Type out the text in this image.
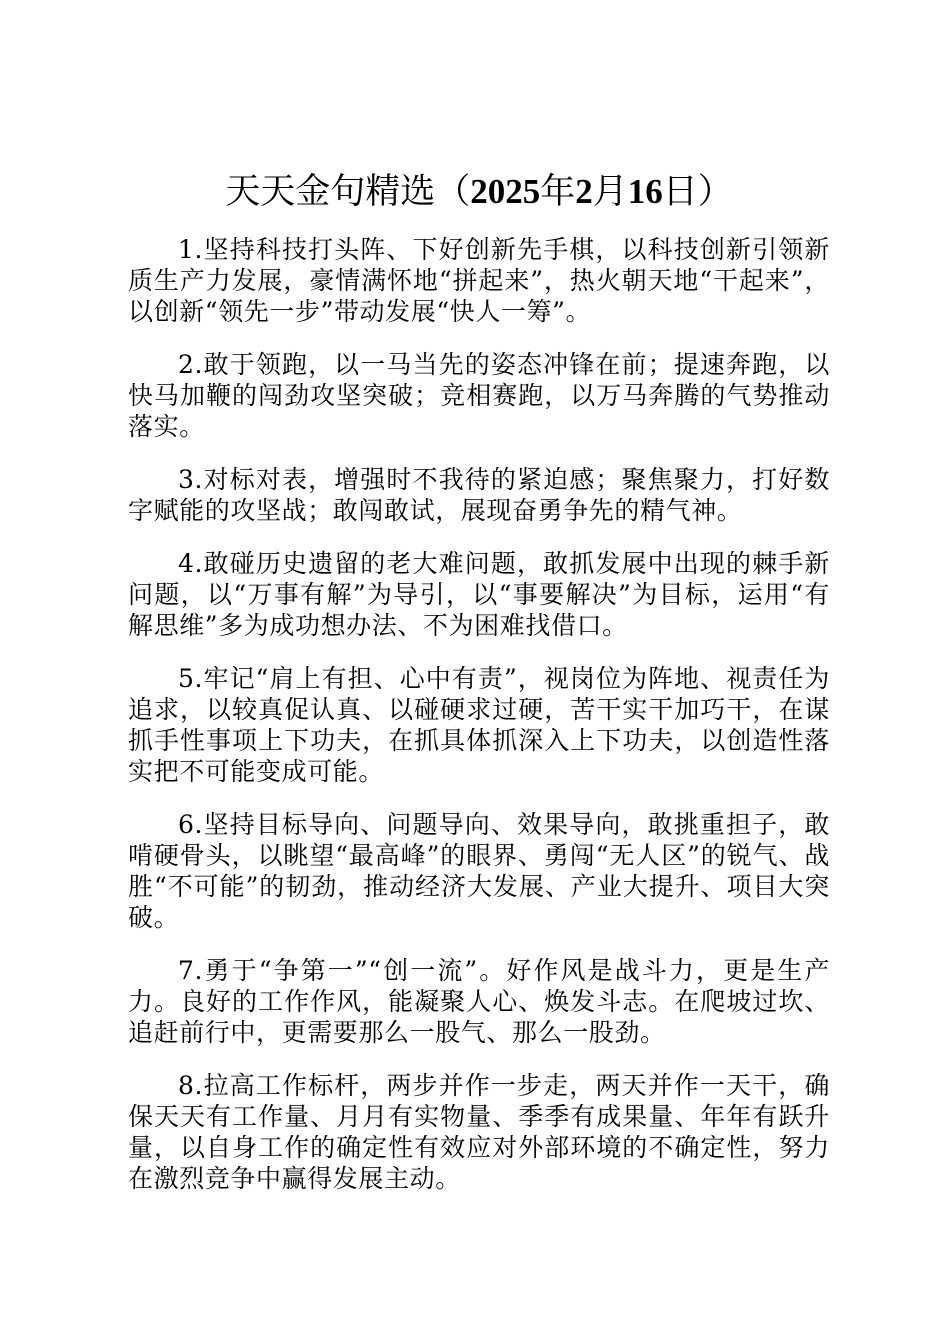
天天金句精选（2025年2月16日）

1.坚持科技打头阵、下好创新先手棋，以科技创新引领新质生产力发展，豪情满怀地“拼起来”，热火朝天地“干起来”，以创新“领先一步”带动发展“快人一筹”。

2.敢于领跑，以一马当先的姿态冲锋在前；提速奔跑，以快马加鞭的闯劲攻坚突破；竞相赛跑，以万马奔腾的气势推动落实。

3.对标对表，增强时不我待的紧迫感；聚焦聚力，打好数字赋能的攻坚战；敢闯敢试，展现奋勇争先的精气神。

4.敢碰历史遗留的老大难问题，敢抓发展中出现的棘手新问题，以“万事有解”为导引，以“事要解决”为目标，运用“有解思维”多为成功想办法、不为困难找借口。

5.牢记“肩上有担、心中有责”，视岗位为阵地、视责任为追求，以较真促认真、以碰硬求过硬，苦干实干加巧干，在谋抓手性事项上下功夫，在抓具体抓深入上下功夫，以创造性落实把不可能变成可能。

6.坚持目标导向、问题导向、效果导向，敢挑重担子，敢啃硬骨头，以眺望“最高峰”的眼界、勇闯“无人区”的锐气、战胜“不可能”的韧劲，推动经济大发展、产业大提升、项目大突破。

7.勇于“争第一”“创一流”。好作风是战斗力，更是生产力。良好的工作作风，能凝聚人心、焕发斗志。在爬坡过坎、追赶前行中，更需要那么一股气、那么一股劲。

8.拉高工作标杆，两步并作一步走，两天并作一天干，确保天天有工作量、月月有实物量、季季有成果量、年年有跃升量，以自身工作的确定性有效应对外部环境的不确定性，努力在激烈竞争中赢得发展主动。
